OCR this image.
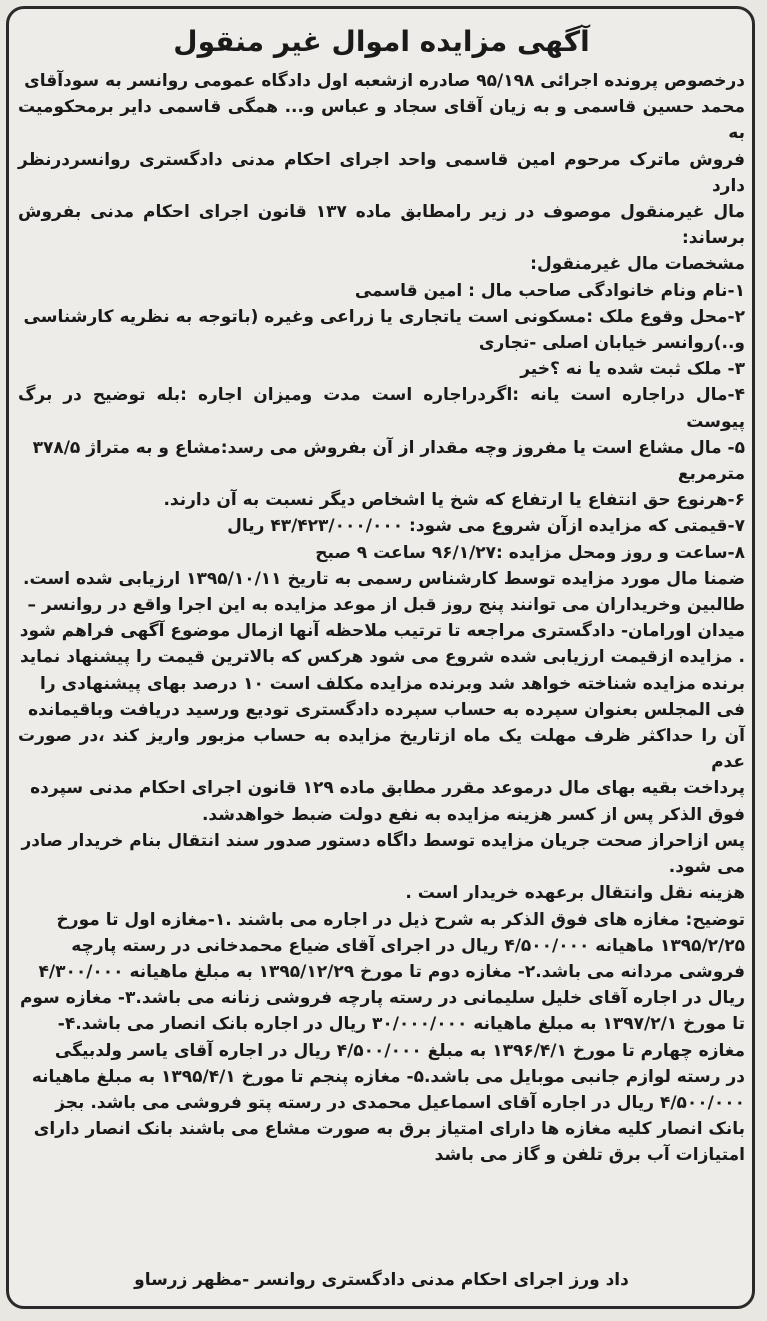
آگهی مزایده اموال غیر منقول

درخصوص پرونده اجرائی ۹۵/۱۹۸ صادره ازشعبه اول دادگاه عمومی روانسر به سودآقای

محمد حسین قاسمی و به زیان آقای سجاد و عباس و... همگی قاسمی دایر برمحکومیت به

فروش ماترک مرحوم امین قاسمی واحد اجرای احکام مدنی دادگستری روانسردرنظر دارد

مال غیرمنقول موصوف در زیر رامطابق ماده ۱۳۷ قانون اجرای احکام مدنی بفروش برساند:

مشخصات مال غیرمنقول:

۱-نام ونام خانوادگی صاحب مال : امین قاسمی

۲-محل وقوع ملک :مسکونی است یاتجاری یا زراعی وغیره (باتوجه به نظریه کارشناسی

و..)روانسر خیابان اصلی -تجاری

۳- ملک ثبت شده یا نه ؟خیر

۴-مال دراجاره است یانه :اگردراجاره است مدت ومیزان اجاره :بله توضیح در برگ پیوست

۵- مال مشاع است یا مفروز وچه مقدار از آن بفروش می رسد:مشاع و به متراژ ۳۷۸/۵

مترمربع

۶-هرنوع حق انتفاع یا ارتفاع که شخ یا اشخاص دیگر نسبت به آن دارند.

۷-قیمتی که مزایده ازآن شروع می شود: ۴۳/۴۲۳/۰۰۰/۰۰۰ ریال

۸-ساعت و روز ومحل مزایده :۹۶/۱/۲۷ ساعت ۹ صبح

ضمنا مال مورد مزایده توسط کارشناس رسمی به تاریخ ۱۳۹۵/۱۰/۱۱ ارزیابی شده است.

طالبین وخریداران می توانند پنج روز قبل از موعد مزایده به این اجرا واقع در روانسر –

میدان اورامان- دادگستری مراجعه تا ترتیب ملاحظه آنها ازمال موضوع آگهی فراهم شود

. مزایده ازقیمت ارزیابی شده شروع می شود هرکس که بالاترین قیمت را پیشنهاد نماید

برنده مزایده شناخته خواهد شد وبرنده مزایده مکلف است ۱۰ درصد بهای پیشنهادی را

فی المجلس بعنوان سپرده به حساب سپرده دادگستری تودیع ورسید دریافت وباقیمانده

آن را حداکثر ظرف مهلت یک ماه ازتاریخ مزایده به حساب مزبور واریز کند ،در صورت عدم

پرداخت بقیه بهای مال درموعد مقرر مطابق ماده ۱۲۹ قانون اجرای احکام مدنی سپرده

فوق الذکر پس از کسر هزینه مزایده به نفع دولت ضبط خواهدشد.

پس ازاحراز صحت جریان مزایده توسط داگاه دستور صدور سند انتقال بنام خریدار صادر

می شود.

هزینه نقل وانتقال برعهده خریدار است .

توضیح: مغازه های فوق الذکر به شرح ذیل در اجاره می باشند .۱-مغازه اول تا مورخ

۱۳۹۵/۲/۲۵ ماهیانه ۴/۵۰۰/۰۰۰ ریال در اجرای آقای ضیاع محمدخانی در رسته پارچه

فروشی مردانه می باشد.۲- مغازه دوم تا مورخ ۱۳۹۵/۱۲/۲۹ به مبلغ ماهیانه ۴/۳۰۰/۰۰۰

ریال در اجاره آقای خلیل سلیمانی در رسته پارچه فروشی زنانه می باشد.۳- مغازه سوم

تا مورخ ۱۳۹۷/۲/۱ به مبلغ ماهیانه ۳۰/۰۰۰/۰۰۰ ریال در اجاره بانک انصار می باشد.۴-

مغازه چهارم تا مورخ ۱۳۹۶/۴/۱ به مبلغ ۴/۵۰۰/۰۰۰ ریال در اجاره آقای یاسر ولدبیگی

در رسته لوازم جانبی موبایل می باشد.۵- مغازه پنجم تا مورخ ۱۳۹۵/۴/۱ به مبلغ ماهیانه

۴/۵۰۰/۰۰۰ ریال در اجاره آقای اسماعیل محمدی در رسته پتو فروشی می باشد. بجز

بانک انصار کلیه مغازه ها دارای امتیاز برق به صورت مشاع می باشند بانک انصار دارای

امتیازات آب برق تلفن و گاز می باشد

داد ورز اجرای احکام مدنی دادگستری روانسر -مظهر زرساو
